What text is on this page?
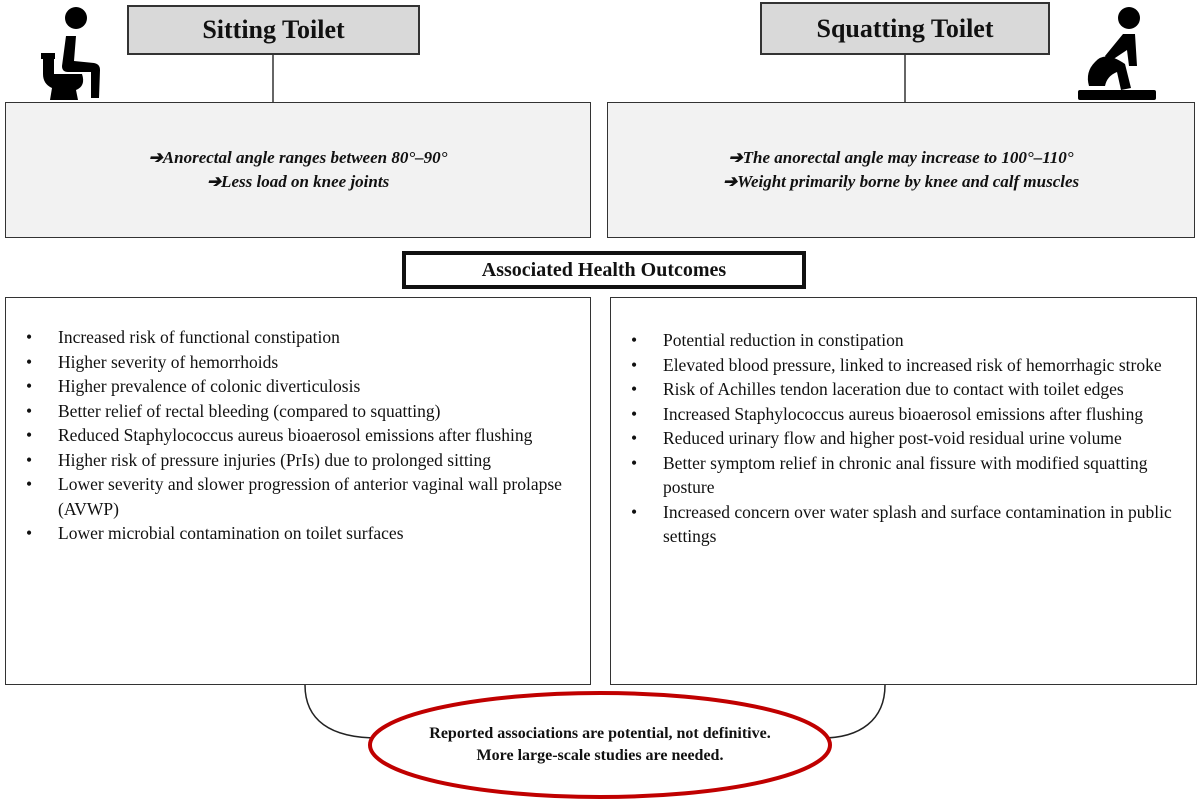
Sitting Toilet	Squatting Toilet
➔Anorectal angle ranges between 80°–90°
➔Less load on knee joints
➔The anorectal angle may increase to 100°–110°
➔Weight primarily borne by knee and calf muscles
Associated Health Outcomes
• Increased risk of functional constipation
• Higher severity of hemorrhoids
• Higher prevalence of colonic diverticulosis
• Better relief of rectal bleeding (compared to squatting)
• Reduced Staphylococcus aureus bioaerosol emissions after flushing
• Higher risk of pressure injuries (PrIs) due to prolonged sitting
• Lower severity and slower progression of anterior vaginal wall prolapse (AVWP)
• Lower microbial contamination on toilet surfaces
• Potential reduction in constipation
• Elevated blood pressure, linked to increased risk of hemorrhagic stroke
• Risk of Achilles tendon laceration due to contact with toilet edges
• Increased Staphylococcus aureus bioaerosol emissions after flushing
• Reduced urinary flow and higher post-void residual urine volume
• Better symptom relief in chronic anal fissure with modified squatting posture
• Increased concern over water splash and surface contamination in public settings
Reported associations are potential, not definitive.
More large-scale studies are needed.
